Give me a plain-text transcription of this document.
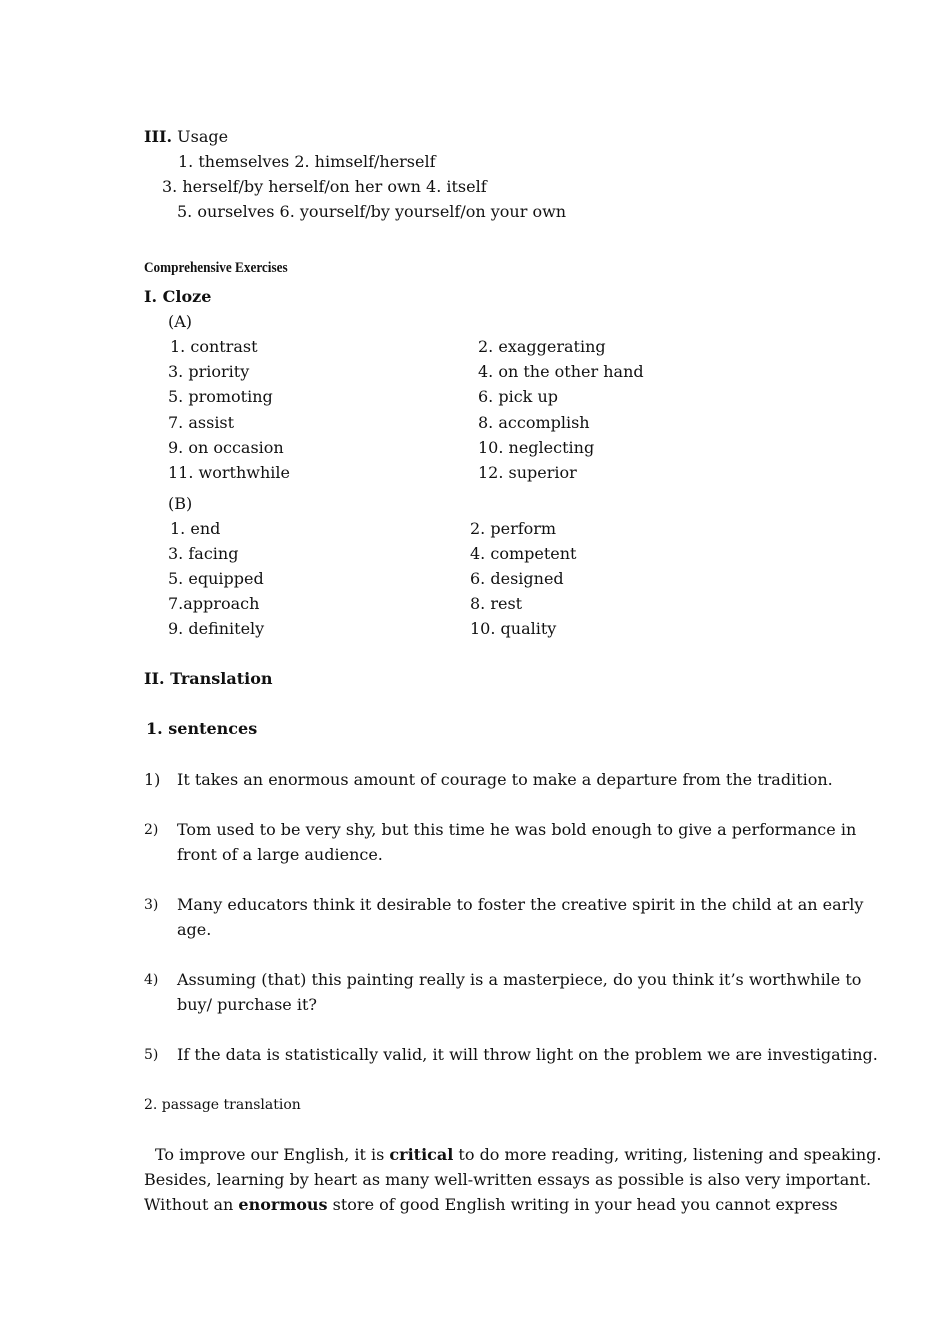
III. Usage
1. themselves 2. himself/herself
3. herself/by herself/on her own 4. itself
5. ourselves 6. yourself/by yourself/on your own
Comprehensive Exercises
I. Cloze
(A)
1. contrast	2. exaggerating
3. priority	4. on the other hand
5. promoting	6. pick up
7. assist	8. accomplish
9. on occasion	10. neglecting
11. worthwhile	12. superior
(B)
1. end	2. perform
3. facing	4. competent
5. equipped	6. designed
7.approach	8. rest
9. definitely	10. quality
II. Translation
1. sentences
1) It takes an enormous amount of courage to make a departure from the tradition.
2) Tom used to be very shy, but this time he was bold enough to give a performance in
front of a large audience.
3) Many educators think it desirable to foster the creative spirit in the child at an early
age.
4) Assuming (that) this painting really is a masterpiece, do you think it’s worthwhile to
buy/ purchase it?
5) If the data is statistically valid, it will throw light on the problem we are investigating.
2. passage translation
To improve our English, it is critical to do more reading, writing, listening and speaking.
Besides, learning by heart as many well-written essays as possible is also very important.
Without an enormous store of good English writing in your head you cannot express
